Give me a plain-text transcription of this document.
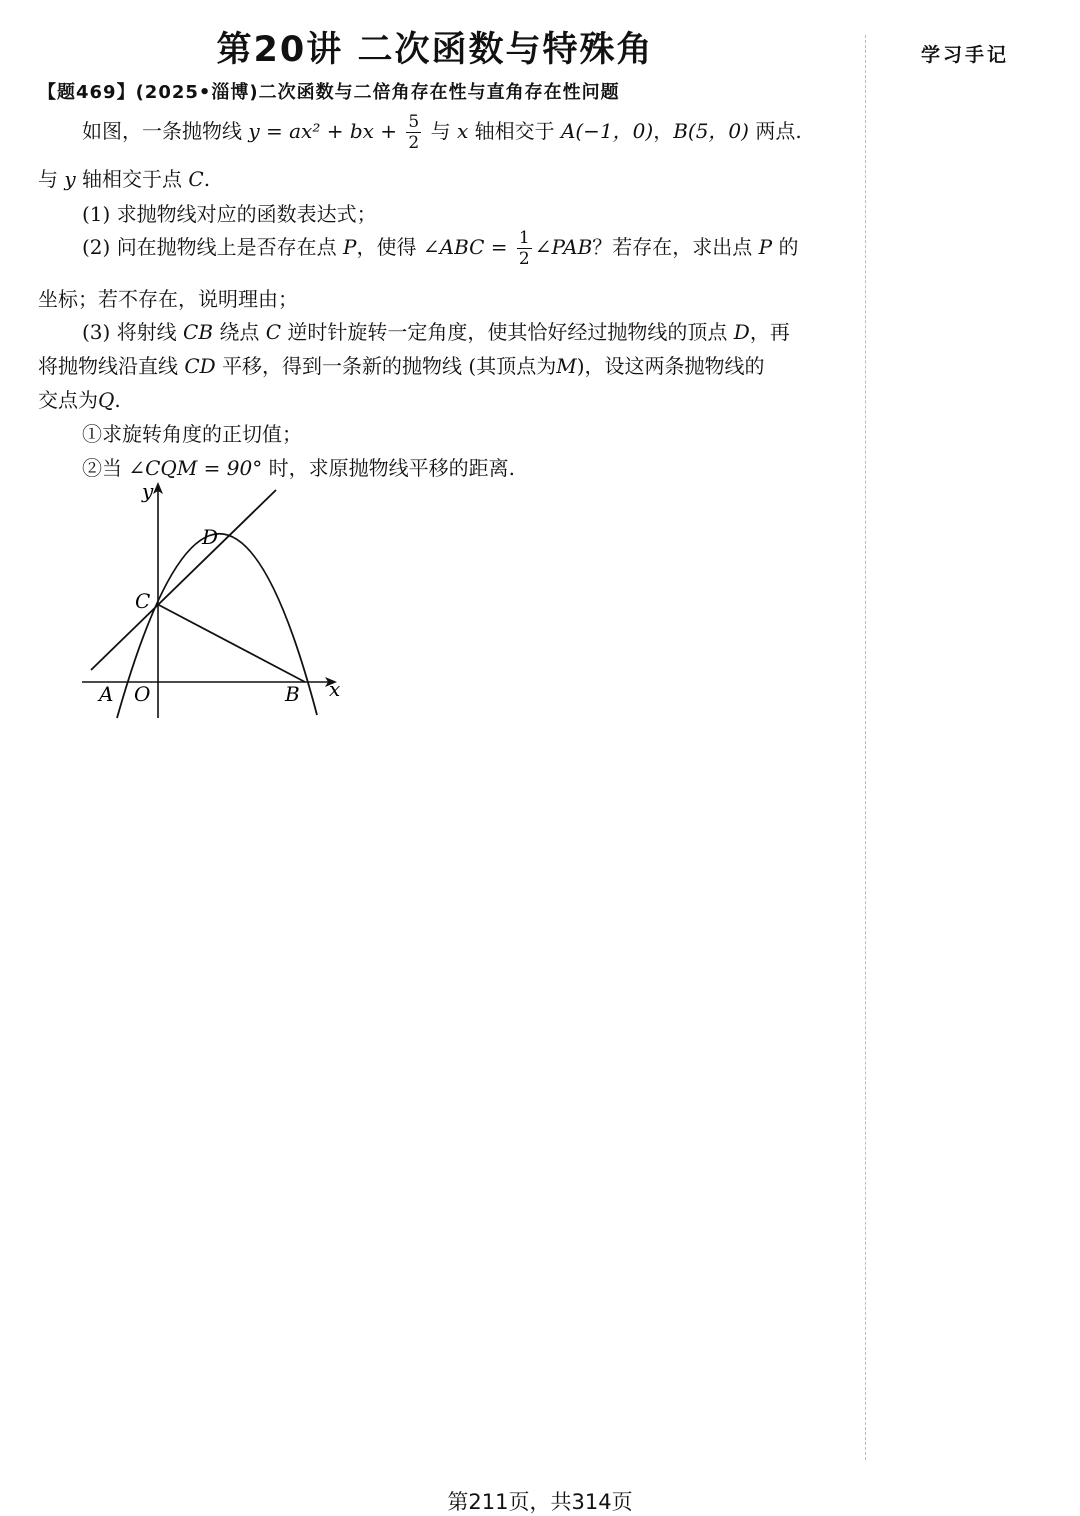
第20讲 二次函数与特殊角	学习手记
【题469】(2025•淄博)二次函数与二倍角存在性与直角存在性问题
如图，一条抛物线 y = ax² + bx + $\frac{5}{2}$ 与 x 轴相交于 A(−1，0)，B(5，0) 两点.
与 y 轴相交于点 C.
(1) 求抛物线对应的函数表达式；
(2) 问在抛物线上是否存在点 P，使得 ∠ABC = $\frac{1}{2}$ ∠PAB？若存在，求出点 P 的
坐标；若不存在，说明理由；
(3) 将射线 CB 绕点 C 逆时针旋转一定角度，使其恰好经过抛物线的顶点 D，再
将抛物线沿直线 CD 平移，得到一条新的抛物线 (其顶点为M)，设这两条抛物线的
交点为Q.
①求旋转角度的正切值；
②当 ∠CQM = 90° 时，求原抛物线平移的距离.
y
x
D
C
A O	B
第211页，共314页
